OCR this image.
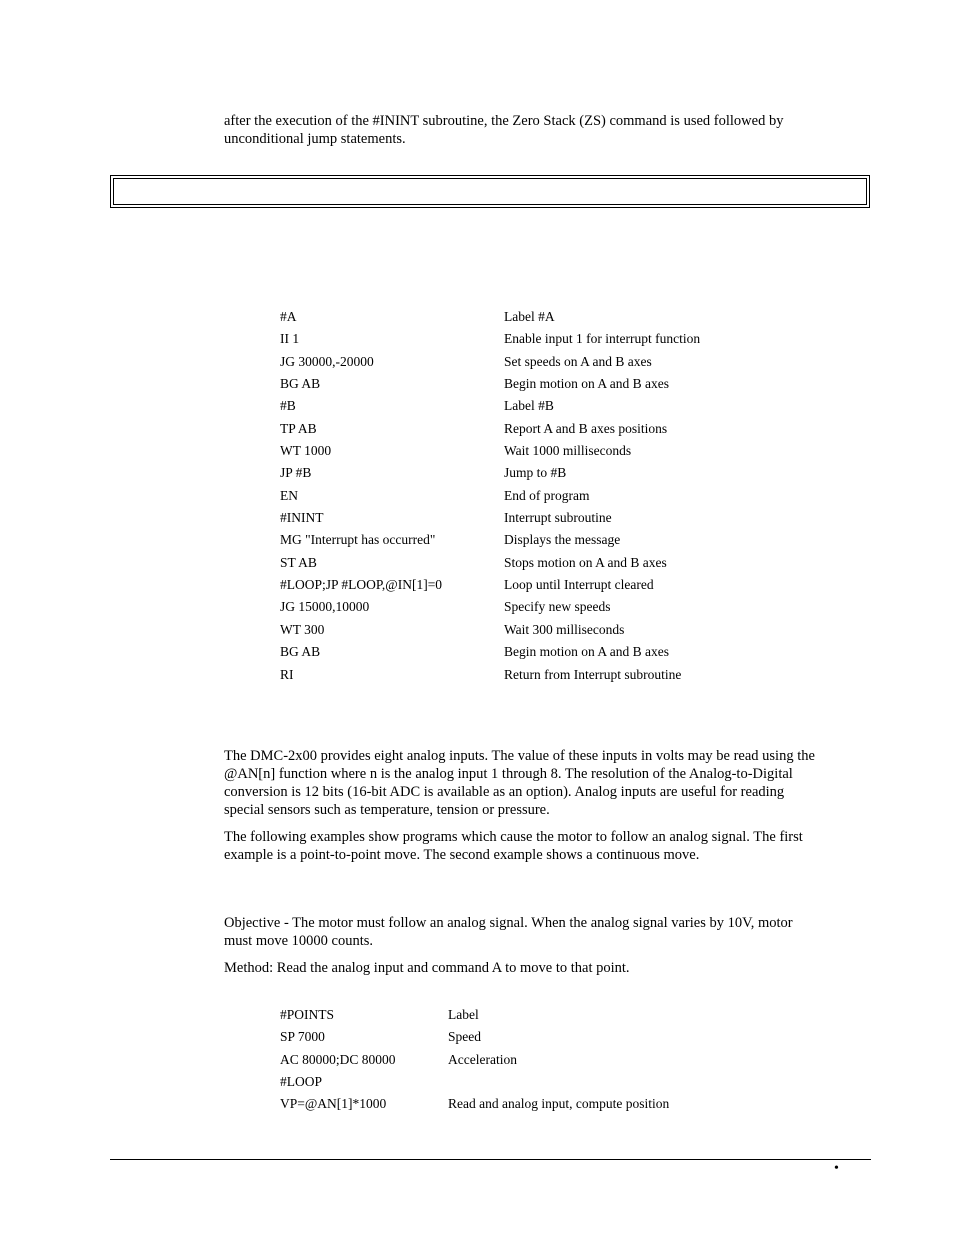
after the execution of the #ININT subroutine, the Zero Stack (ZS) command is used followed by
unconditional jump statements.

#A
II 1
JG 30000,-20000
BG AB
#B
TP AB
WT 1000
JP #B
EN
#ININT
MG "Interrupt has occurred"
ST AB
#LOOP;JP #LOOP,@IN[1]=0
JG 15000,10000
WT 300
BG AB
RI
Label #A
Enable input 1 for interrupt function
Set speeds on A and B axes
Begin motion on A and B axes
Label #B
Report A and B axes positions
Wait 1000 milliseconds
Jump to #B
End of program
Interrupt subroutine
Displays the message
Stops motion on A and B axes
Loop until Interrupt cleared
Specify new speeds
Wait 300 milliseconds
Begin motion on A and B axes
Return from Interrupt subroutine

The DMC-2x00 provides eight analog inputs. The value of these inputs in volts may be read using the
@AN[n] function where n is the analog input 1 through 8. The resolution of the Analog-to-Digital
conversion is 12 bits (16-bit ADC is available as an option). Analog inputs are useful for reading
special sensors such as temperature, tension or pressure.

The following examples show programs which cause the motor to follow an analog signal. The first
example is a point-to-point move. The second example shows a continuous move.

Objective - The motor must follow an analog signal. When the analog signal varies by 10V, motor
must move 10000 counts.

Method: Read the analog input and command A to move to that point.

#POINTS
SP 7000
AC 80000;DC 80000
#LOOP
VP=@AN[1]*1000
Label
Speed
Acceleration
Read and analog input, compute position
•
